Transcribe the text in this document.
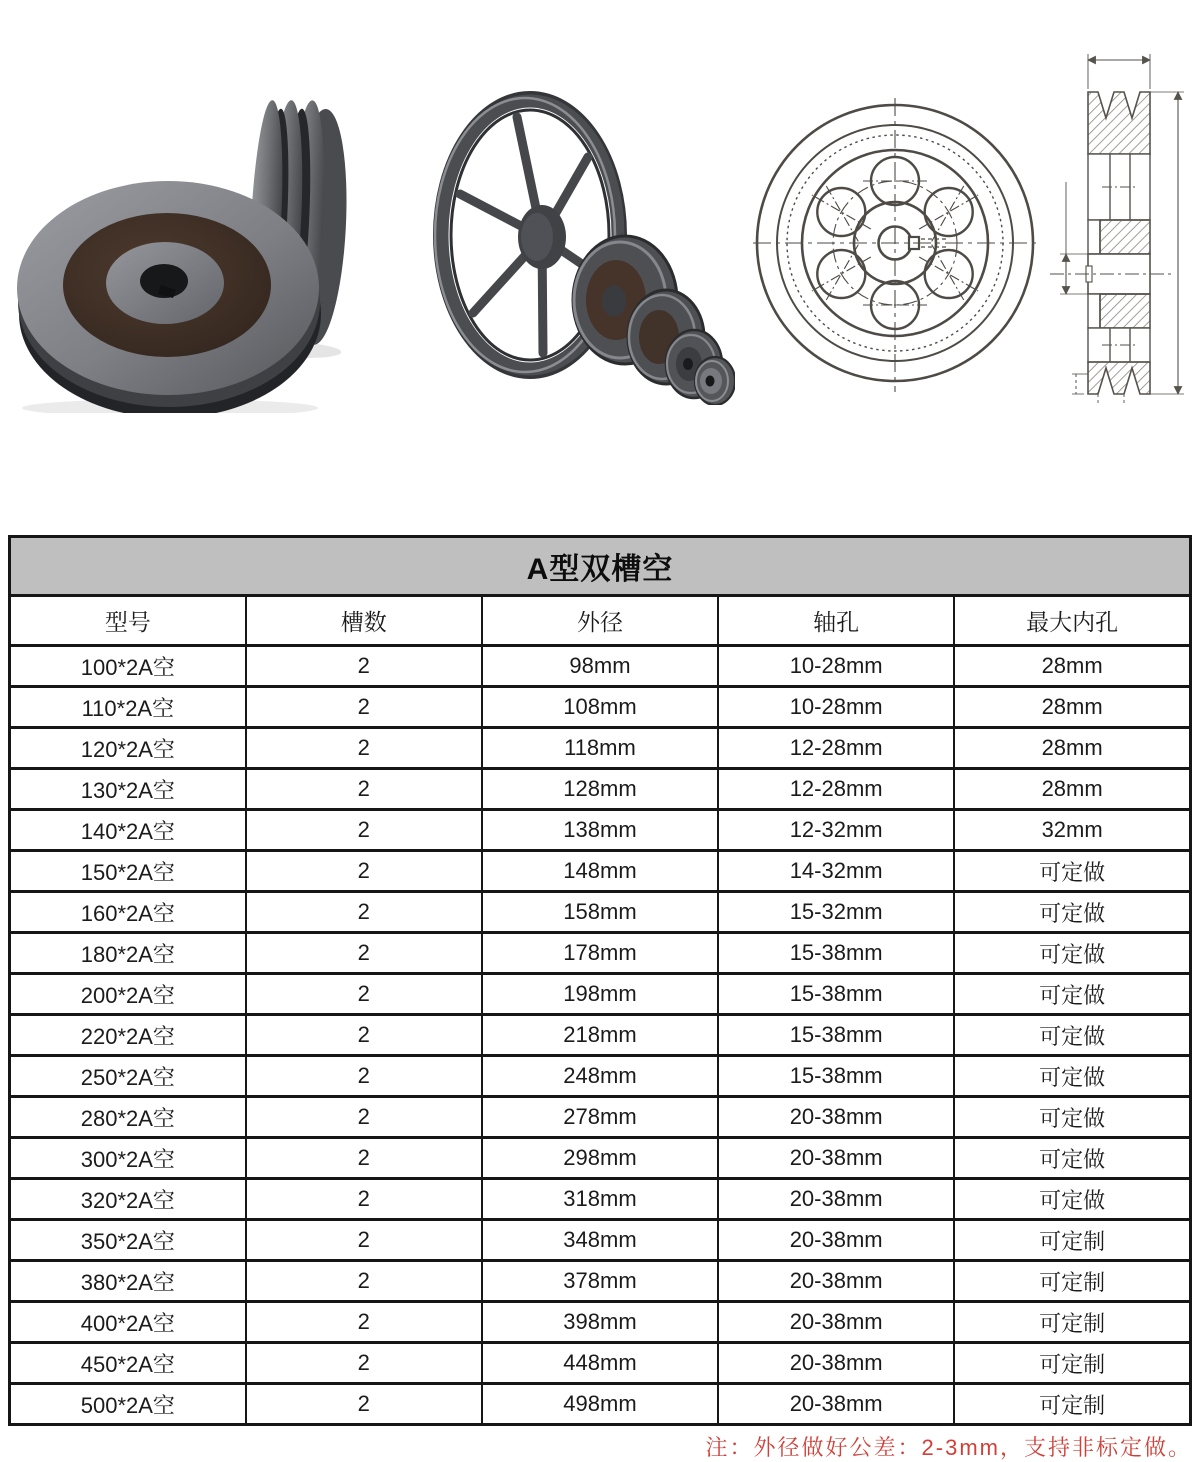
A型双槽空				
型号	槽数	外径	轴孔	最大内孔
100*2A空	2	98mm	10-28mm	28mm
110*2A空	2	108mm	10-28mm	28mm
120*2A空	2	118mm	12-28mm	28mm
130*2A空	2	128mm	12-28mm	28mm
140*2A空	2	138mm	12-32mm	32mm
150*2A空	2	148mm	14-32mm	可定做
160*2A空	2	158mm	15-32mm	可定做
180*2A空	2	178mm	15-38mm	可定做
200*2A空	2	198mm	15-38mm	可定做
220*2A空	2	218mm	15-38mm	可定做
250*2A空	2	248mm	15-38mm	可定做
280*2A空	2	278mm	20-38mm	可定做
300*2A空	2	298mm	20-38mm	可定做
320*2A空	2	318mm	20-38mm	可定做
350*2A空	2	348mm	20-38mm	可定制
380*2A空	2	378mm	20-38mm	可定制
400*2A空	2	398mm	20-38mm	可定制
450*2A空	2	448mm	20-38mm	可定制
500*2A空	2	498mm	20-38mm	可定制
注：外径做好公差：2-3mm，支持非标定做。
